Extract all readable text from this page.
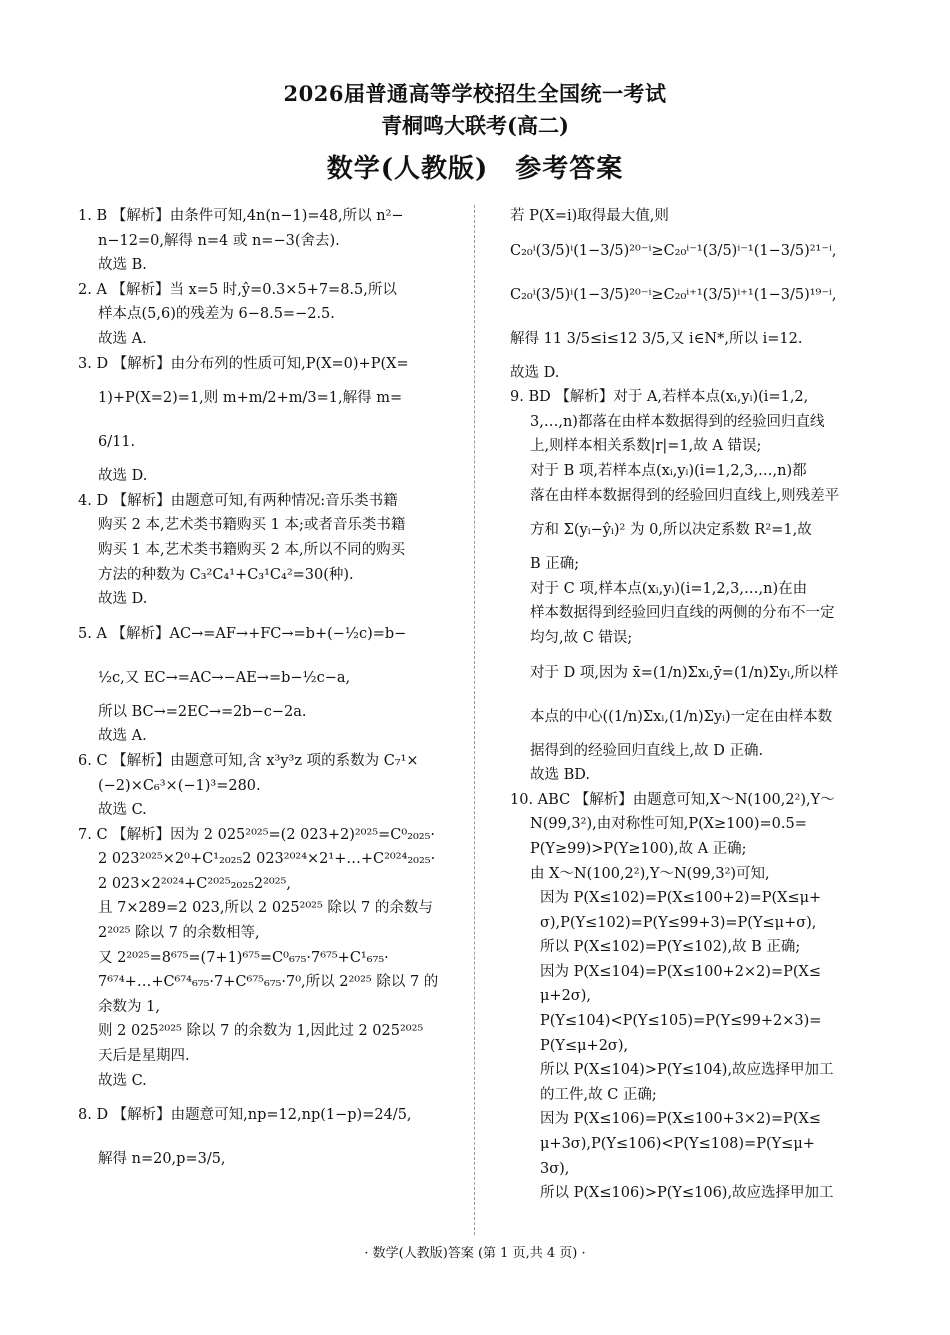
2026届普通高等学校招生全国统一考试
青桐鸣大联考(高二)
数学(人教版)　参考答案
1. B 【解析】由条件可知,4n(n−1)=48,所以 n²−
n−12=0,解得 n=4 或 n=−3(舍去).
故选 B.
2. A 【解析】当 x=5 时,ŷ=0.3×5+7=8.5,所以
样本点(5,6)的残差为 6−8.5=−2.5.
故选 A.
3. D 【解析】由分布列的性质可知,P(X=0)+P(X=
1)+P(X=2)=1,则 m+m/2+m/3=1,解得 m=
6/11.
故选 D.
4. D 【解析】由题意可知,有两种情况:音乐类书籍
购买 2 本,艺术类书籍购买 1 本;或者音乐类书籍
购买 1 本,艺术类书籍购买 2 本,所以不同的购买
方法的种数为 C₃²C₄¹+C₃¹C₄²=30(种).
故选 D.
5. A 【解析】AC→=AF→+FC→=b+(−½c)=b−
½c,又 EC→=AC→−AE→=b−½c−a,
所以 BC→=2EC→=2b−c−2a.
故选 A.
6. C 【解析】由题意可知,含 x³y³z 项的系数为 C₇¹×
(−2)×C₆³×(−1)³=280.
故选 C.
7. C 【解析】因为 2 025²⁰²⁵=(2 023+2)²⁰²⁵=C⁰₂₀₂₅·
2 023²⁰²⁵×2⁰+C¹₂₀₂₅2 023²⁰²⁴×2¹+…+C²⁰²⁴₂₀₂₅·
2 023×2²⁰²⁴+C²⁰²⁵₂₀₂₅2²⁰²⁵,
且 7×289=2 023,所以 2 025²⁰²⁵ 除以 7 的余数与
2²⁰²⁵ 除以 7 的余数相等,
又 2²⁰²⁵=8⁶⁷⁵=(7+1)⁶⁷⁵=C⁰₆₇₅·7⁶⁷⁵+C¹₆₇₅·
7⁶⁷⁴+…+C⁶⁷⁴₆₇₅·7+C⁶⁷⁵₆₇₅·7⁰,所以 2²⁰²⁵ 除以 7 的
余数为 1,
则 2 025²⁰²⁵ 除以 7 的余数为 1,因此过 2 025²⁰²⁵
天后是星期四.
故选 C.
8. D 【解析】由题意可知,np=12,np(1−p)=24/5,
解得 n=20,p=3/5,
若 P(X=i)取得最大值,则
C₂₀ⁱ(3/5)ⁱ(1−3/5)²⁰⁻ⁱ≥C₂₀ⁱ⁻¹(3/5)ⁱ⁻¹(1−3/5)²¹⁻ⁱ,
C₂₀ⁱ(3/5)ⁱ(1−3/5)²⁰⁻ⁱ≥C₂₀ⁱ⁺¹(3/5)ⁱ⁺¹(1−3/5)¹⁹⁻ⁱ,
解得 11 3/5≤i≤12 3/5,又 i∈N*,所以 i=12.
故选 D.
9. BD 【解析】对于 A,若样本点(xᵢ,yᵢ)(i=1,2,
3,…,n)都落在由样本数据得到的经验回归直线
上,则样本相关系数|r|=1,故 A 错误;
对于 B 项,若样本点(xᵢ,yᵢ)(i=1,2,3,…,n)都
落在由样本数据得到的经验回归直线上,则残差平
方和 Σ(yᵢ−ŷᵢ)² 为 0,所以决定系数 R²=1,故
B 正确;
对于 C 项,样本点(xᵢ,yᵢ)(i=1,2,3,…,n)在由
样本数据得到经验回归直线的两侧的分布不一定
均匀,故 C 错误;
对于 D 项,因为 x̄=(1/n)Σxᵢ,ȳ=(1/n)Σyᵢ,所以样
本点的中心((1/n)Σxᵢ,(1/n)Σyᵢ)一定在由样本数
据得到的经验回归直线上,故 D 正确.
故选 BD.
10. ABC 【解析】由题意可知,X～N(100,2²),Y～
N(99,3²),由对称性可知,P(X≥100)=0.5=
P(Y≥99)>P(Y≥100),故 A 正确;
由 X～N(100,2²),Y～N(99,3²)可知,
因为 P(X≤102)=P(X≤100+2)=P(X≤μ+
σ),P(Y≤102)=P(Y≤99+3)=P(Y≤μ+σ),
所以 P(X≤102)=P(Y≤102),故 B 正确;
因为 P(X≤104)=P(X≤100+2×2)=P(X≤
μ+2σ),
P(Y≤104)<P(Y≤105)=P(Y≤99+2×3)=
P(Y≤μ+2σ),
所以 P(X≤104)>P(Y≤104),故应选择甲加工
的工件,故 C 正确;
因为 P(X≤106)=P(X≤100+3×2)=P(X≤
μ+3σ),P(Y≤106)<P(Y≤108)=P(Y≤μ+
3σ),
所以 P(X≤106)>P(Y≤106),故应选择甲加工
· 数学(人教版)答案 (第 1 页,共 4 页) ·
